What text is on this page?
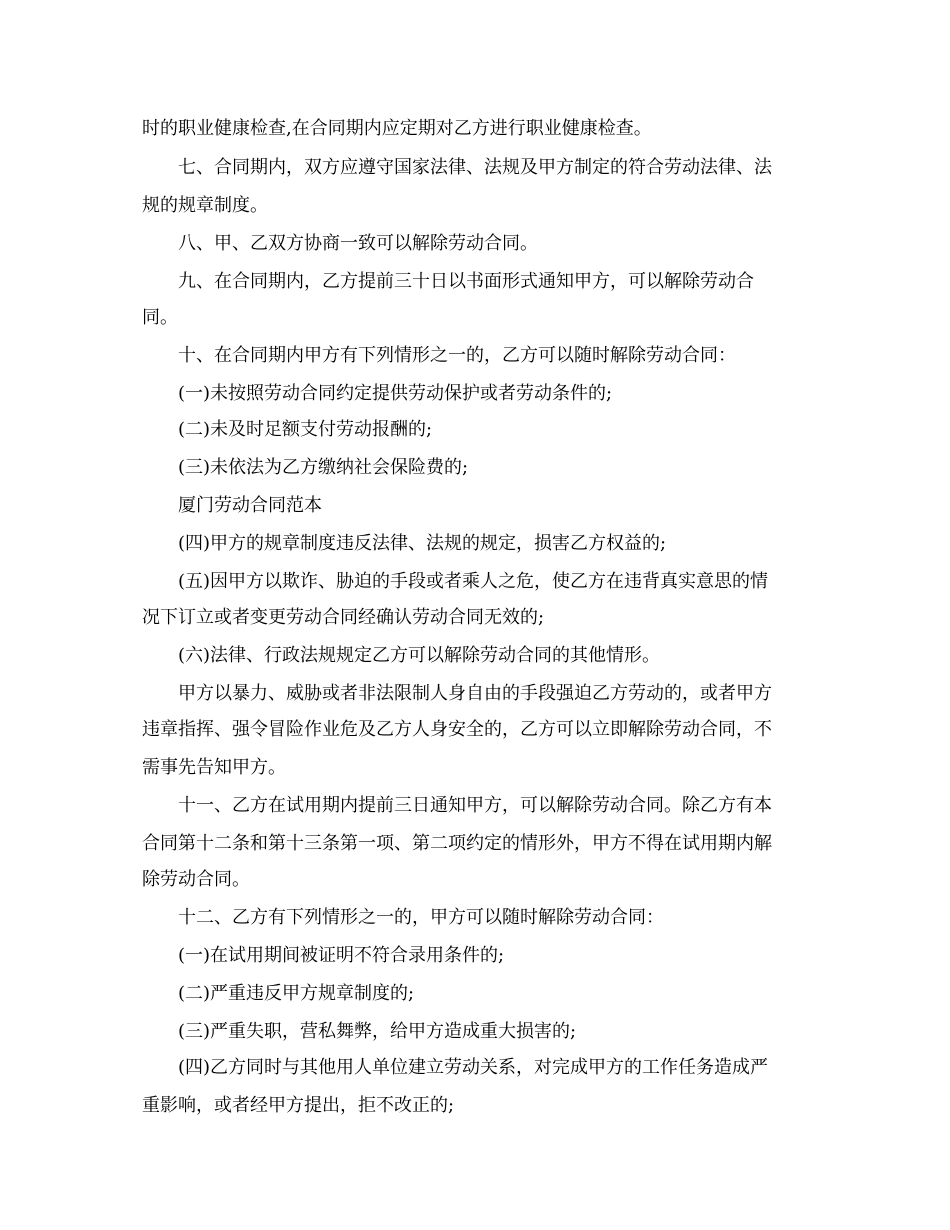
时的职业健康检查,在合同期内应定期对乙方进行职业健康检查。
七、合同期内，双方应遵守国家法律、法规及甲方制定的符合劳动法律、法
规的规章制度。
八、甲、乙双方协商一致可以解除劳动合同。
九、在合同期内，乙方提前三十日以书面形式通知甲方，可以解除劳动合
同。
十、在合同期内甲方有下列情形之一的，乙方可以随时解除劳动合同：
(一)未按照劳动合同约定提供劳动保护或者劳动条件的;
(二)未及时足额支付劳动报酬的;
(三)未依法为乙方缴纳社会保险费的;
厦门劳动合同范本
(四)甲方的规章制度违反法律、法规的规定，损害乙方权益的;
(五)因甲方以欺诈、胁迫的手段或者乘人之危，使乙方在违背真实意思的情
况下订立或者变更劳动合同经确认劳动合同无效的;
(六)法律、行政法规规定乙方可以解除劳动合同的其他情形。
甲方以暴力、威胁或者非法限制人身自由的手段强迫乙方劳动的，或者甲方
违章指挥、强令冒险作业危及乙方人身安全的，乙方可以立即解除劳动合同，不
需事先告知甲方。
十一、乙方在试用期内提前三日通知甲方，可以解除劳动合同。除乙方有本
合同第十二条和第十三条第一项、第二项约定的情形外，甲方不得在试用期内解
除劳动合同。
十二、乙方有下列情形之一的，甲方可以随时解除劳动合同：
(一)在试用期间被证明不符合录用条件的;
(二)严重违反甲方规章制度的;
(三)严重失职，营私舞弊，给甲方造成重大损害的;
(四)乙方同时与其他用人单位建立劳动关系，对完成甲方的工作任务造成严
重影响，或者经甲方提出，拒不改正的;
